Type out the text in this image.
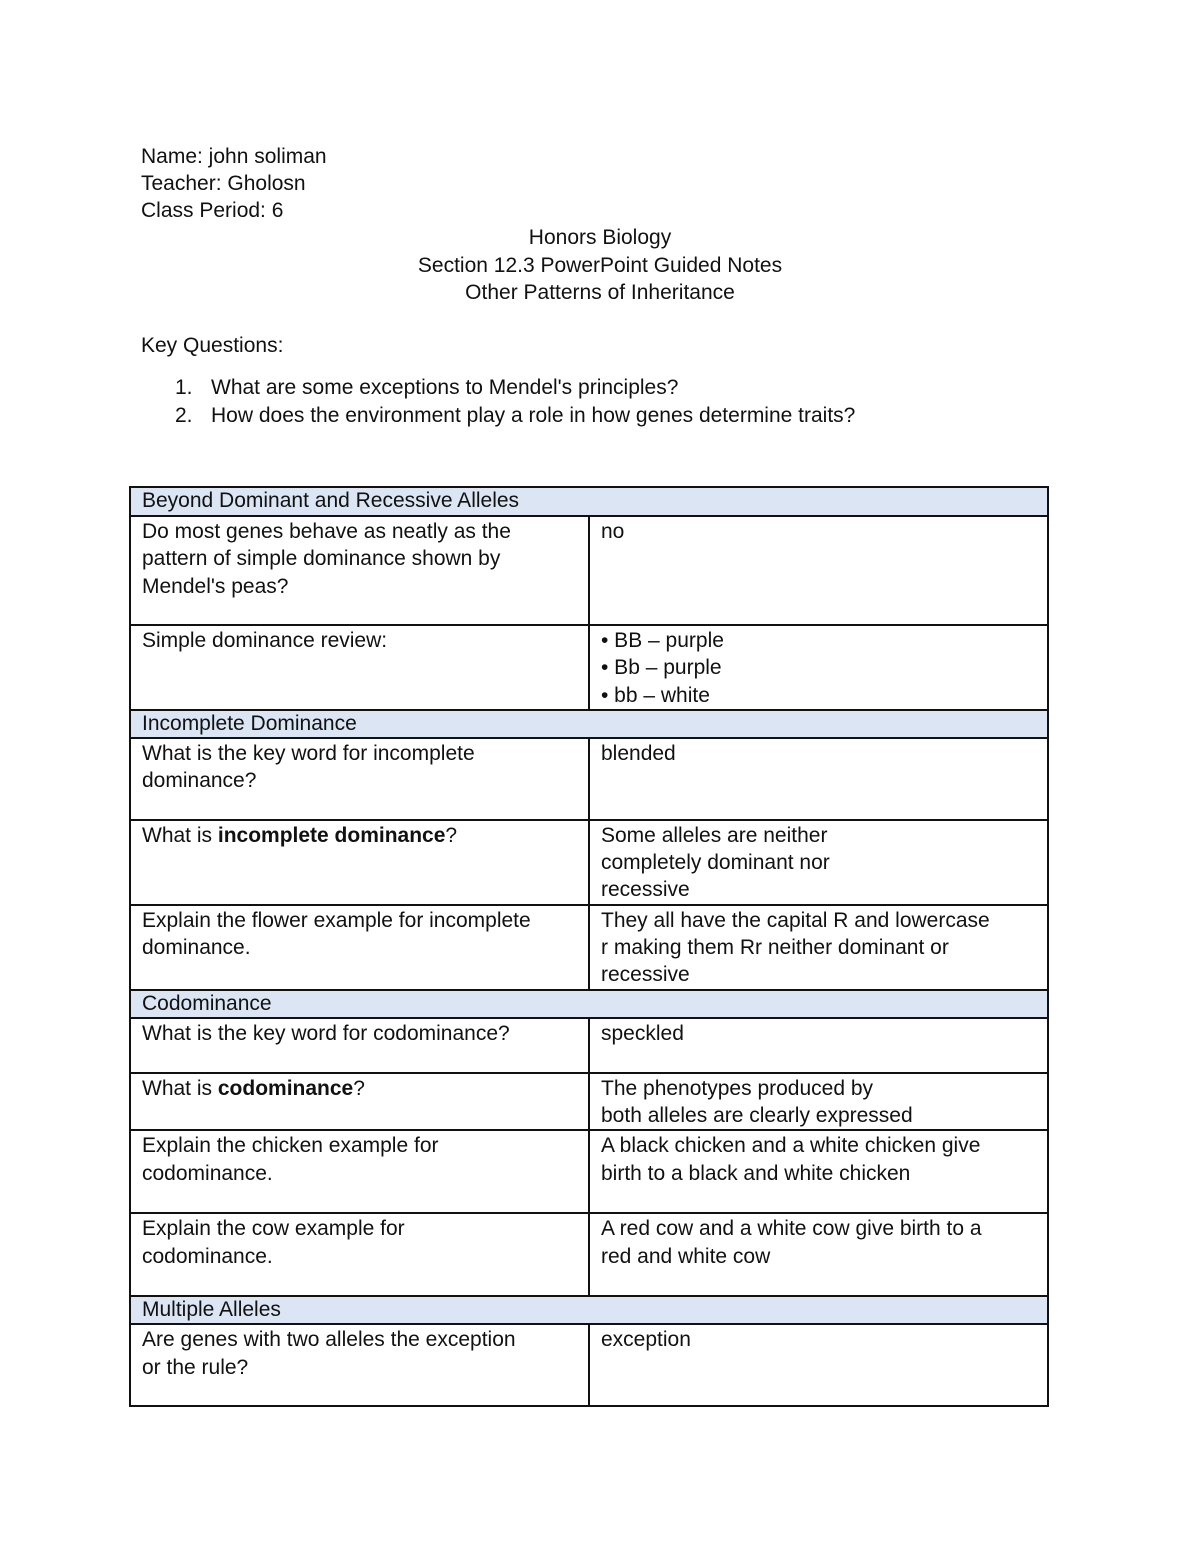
Name: john soliman
Teacher: Gholosn
Class Period: 6
Honors Biology
Section 12.3 PowerPoint Guided Notes
Other Patterns of Inheritance
Key Questions:
1. What are some exceptions to Mendel's principles?
2. How does the environment play a role in how genes determine traits?
Beyond Dominant and Recessive Alleles	

Do most genes behave as neatly as the
pattern of simple dominance shown by
Mendel's peas?	no

Simple dominance review:	• BB – purple
• Bb – purple
• bb – white

Incomplete Dominance	

What is the key word for incomplete
dominance?	blended

What is incomplete dominance?	Some alleles are neither
completely dominant nor
recessive

Explain the flower example for incomplete
dominance.	They all have the capital R and lowercase
r making them Rr neither dominant or
recessive

Codominance	

What is the key word for codominance?	speckled

What is codominance?	The phenotypes produced by
both alleles are clearly expressed

Explain the chicken example for
codominance.	A black chicken and a white chicken give
birth to a black and white chicken

Explain the cow example for
codominance.	A red cow and a white cow give birth to a
red and white cow

Multiple Alleles	

Are genes with two alleles the exception
or the rule?	exception
